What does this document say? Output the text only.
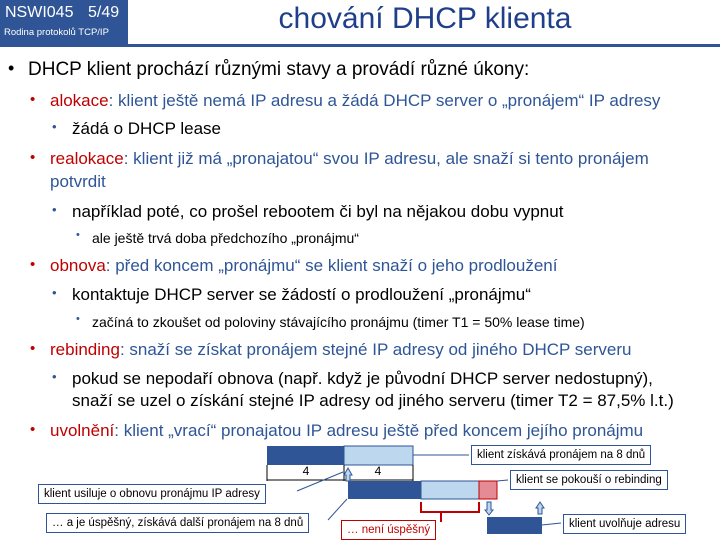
NSWI045 5/49
Rodina protokolů TCP/IP	chování DHCP klienta
• DHCP klient prochází různými stavy a provádí různé úkony:
• alokace: klient ještě nemá IP adresu a žádá DHCP server o „pronájem“ IP adresy
• žádá o DHCP lease
• realokace: klient již má „pronajatou“ svou IP adresu, ale snaží si tento pronájem
potvrdit
• například poté, co prošel rebootem či byl na nějakou dobu vypnut
• ale ještě trvá doba předchozího „pronájmu“
• obnova: před koncem „pronájmu“ se klient snaží o jeho prodloužení
• kontaktuje DHCP server se žádostí o prodloužení „pronájmu“
• začíná to zkoušet od poloviny stávajícího pronájmu (timer T1 = 50% lease time)
• rebinding: snaží se získat pronájem stejné IP adresy od jiného DHCP serveru
• pokud se nepodaří obnova (např. když je původní DHCP server nedostupný),
snaží se uzel o získání stejné IP adresy od jiného serveru (timer T2 = 87,5% l.t.)
• uvolnění: klient „vrací“ pronajatou IP adresu ještě před koncem jejího pronájmu
4	4
klient získává pronájem na 8 dnů
klient se pokouší o rebinding
klient usiluje o obnovu pronájmu IP adresy
… a je úspěšný, získává další pronájem na 8 dnů
… není úspěšný	klient uvolňuje adresu
